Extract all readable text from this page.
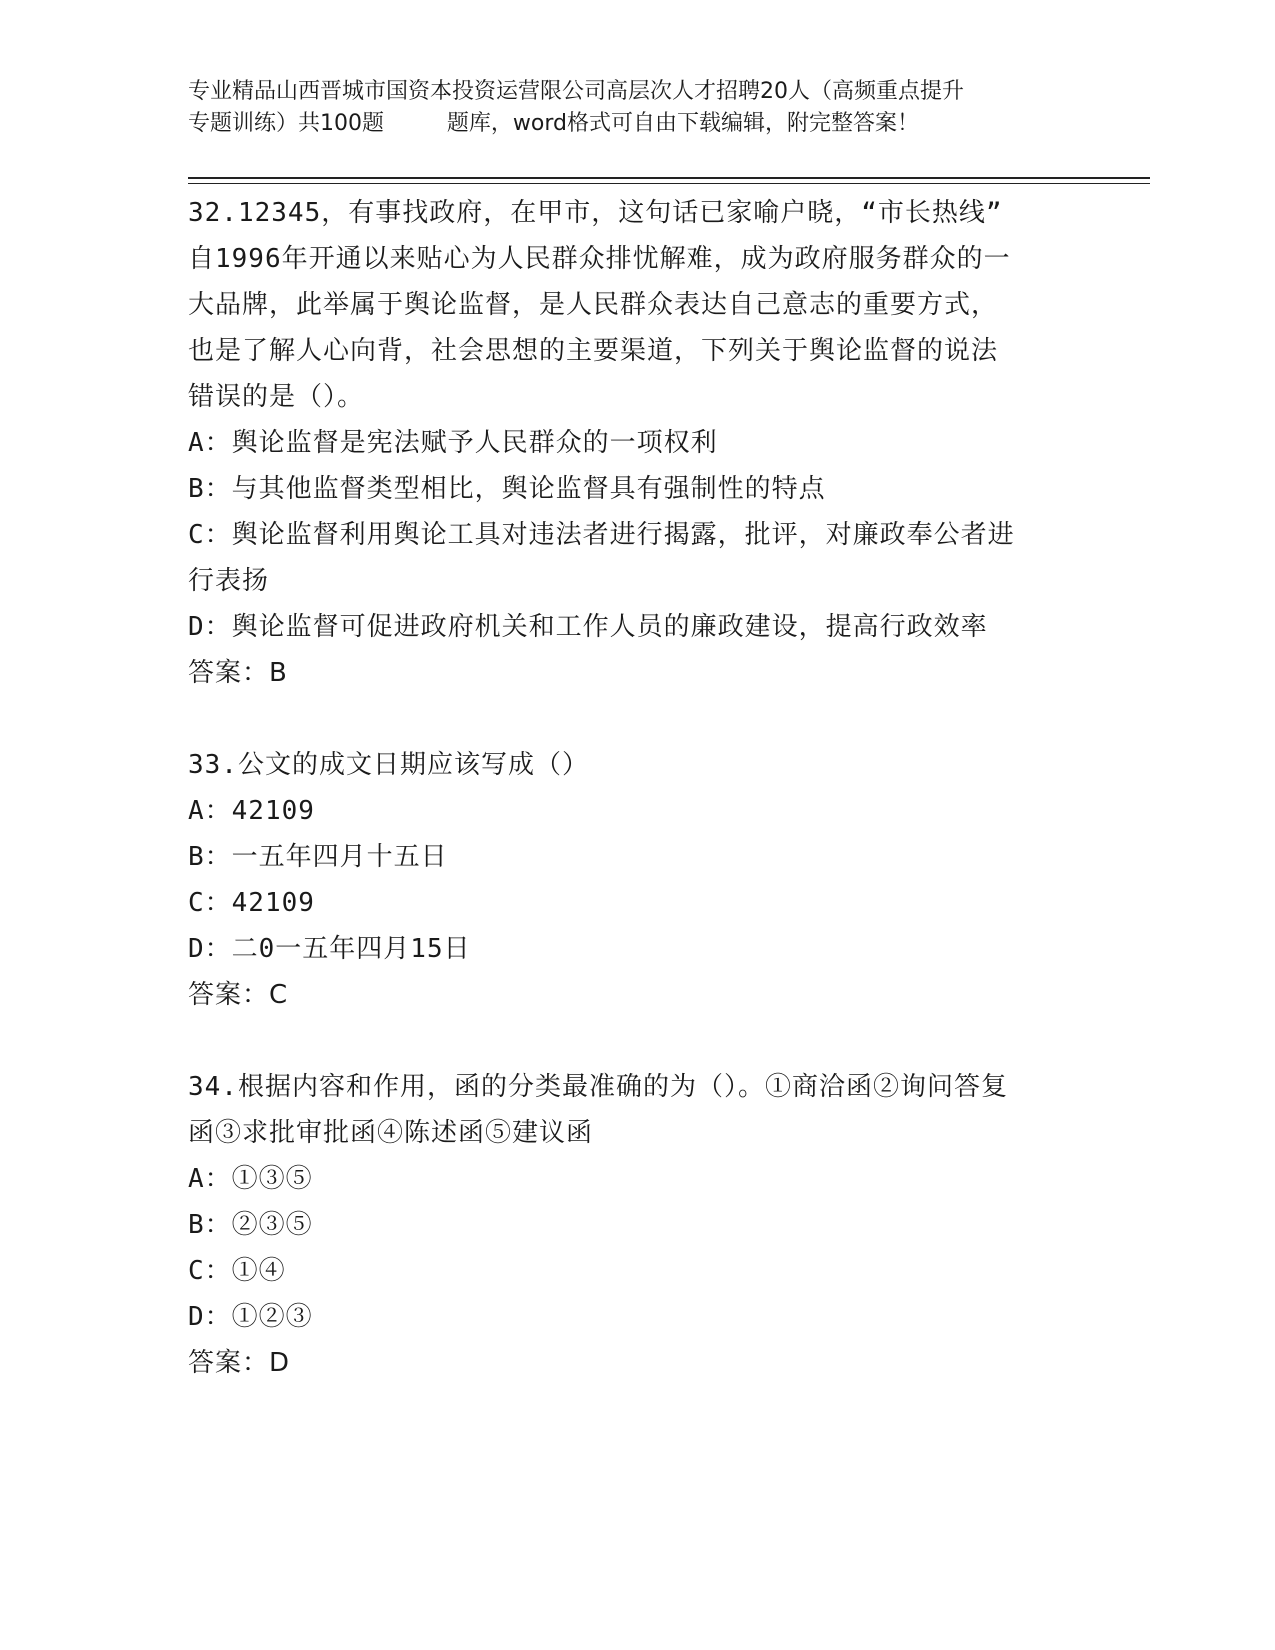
专业精品山西晋城市国资本投资运营限公司高层次人才招聘20人（高频重点提升
专题训练）共100题         题库，word格式可自由下载编辑，附完整答案！
32.12345，有事找政府，在甲市，这句话已家喻户晓，“市长热线”
自1996年开通以来贴心为人民群众排忧解难，成为政府服务群众的一
大品牌，此举属于舆论监督，是人民群众表达自己意志的重要方式，
也是了解人心向背，社会思想的主要渠道，下列关于舆论监督的说法
错误的是（）。
A：舆论监督是宪法赋予人民群众的一项权利
B：与其他监督类型相比，舆论监督具有强制性的特点
C：舆论监督利用舆论工具对违法者进行揭露，批评，对廉政奉公者进
行表扬
D：舆论监督可促进政府机关和工作人员的廉政建设，提高行政效率
答案：B
33.公文的成文日期应该写成（）
A：42109
B：一五年四月十五日
C：42109
D：二0一五年四月15日
答案：C
34.根据内容和作用，函的分类最准确的为（）。①商洽函②询问答复
函③求批审批函④陈述函⑤建议函
A：①③⑤
B：②③⑤
C：①④
D：①②③
答案：D
